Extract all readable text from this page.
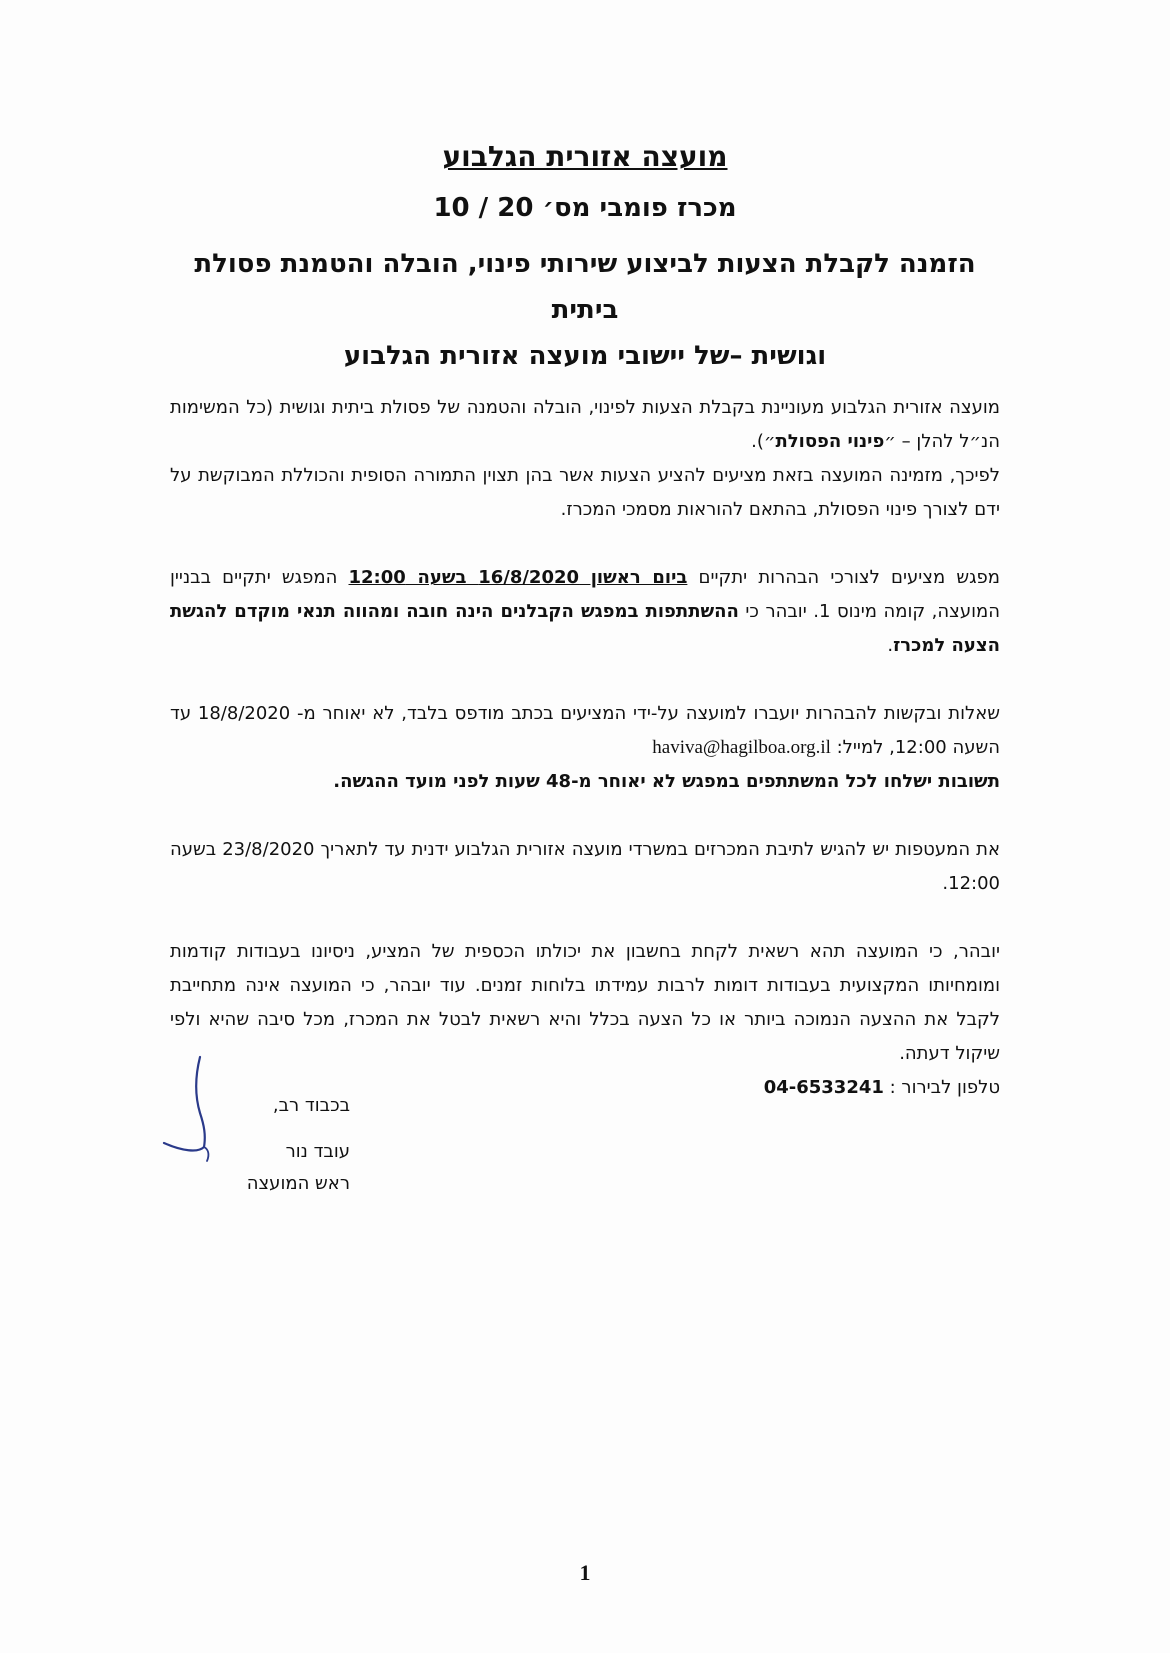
מועצה אזורית הגלבוע
מכרז פומבי מס׳ 20 / 10
הזמנה לקבלת הצעות לביצוע שירותי פינוי, הובלה והטמנת פסולת ביתית
וגושית –של יישובי מועצה אזורית הגלבוע

מועצה אזורית הגלבוע מעוניינת בקבלת הצעות לפינוי, הובלה והטמנה של פסולת ביתית וגושית (כל המשימות הנ״ל להלן – ״פינוי הפסולת״).

לפיכך, מזמינה המועצה בזאת מציעים להציע הצעות אשר בהן תצוין התמורה הסופית והכוללת המבוקשת על ידם לצורך פינוי הפסולת, בהתאם להוראות מסמכי המכרז.

מפגש מציעים לצורכי הבהרות יתקיים ביום ראשון 16/8/2020 בשעה 12:00 המפגש יתקיים בבניין המועצה, קומה מינוס 1. יובהר כי ההשתתפות במפגש הקבלנים הינה חובה ומהווה תנאי מוקדם להגשת הצעה למכרז.

שאלות ובקשות להבהרות יועברו למועצה על-ידי המציעים בכתב מודפס בלבד, לא יאוחר מ- 18/8/2020 עד השעה 12:00, למייל: haviva@hagilboa.org.il

תשובות ישלחו לכל המשתתפים במפגש לא יאוחר מ-48 שעות לפני מועד ההגשה.

את המעטפות יש להגיש לתיבת המכרזים במשרדי מועצה אזורית הגלבוע ידנית עד לתאריך 23/8/2020 בשעה 12:00.

יובהר, כי המועצה תהא רשאית לקחת בחשבון את יכולתו הכספית של המציע, ניסיונו בעבודות קודמות ומומחיותו המקצועית בעבודות דומות לרבות עמידתו בלוחות זמנים. עוד יובהר, כי המועצה אינה מתחייבת לקבל את ההצעה הנמוכה ביותר או כל הצעה בכלל והיא רשאית לבטל את המכרז, מכל סיבה שהיא ולפי שיקול דעתה.

טלפון לבירור : 04-6533241

בכבוד רב,
עובד נור
ראש המועצה
1
